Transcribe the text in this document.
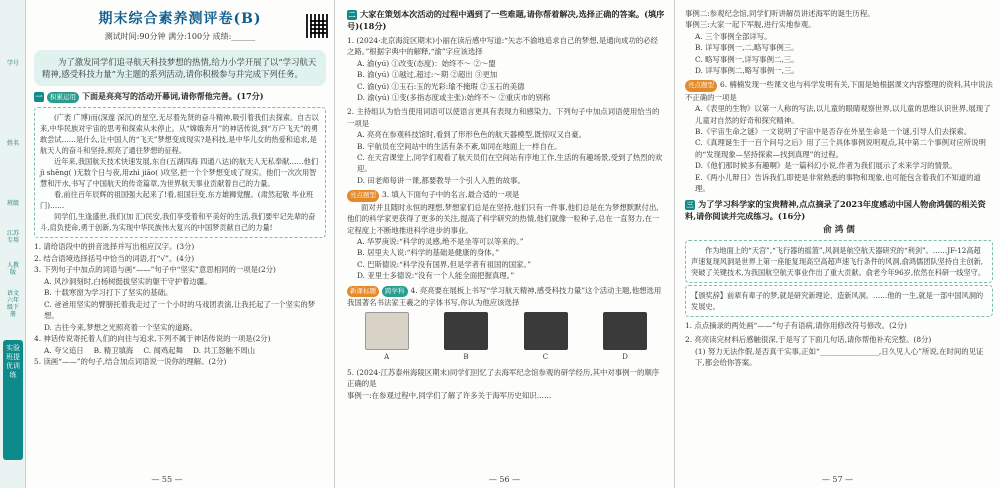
学号
姓名
班级
江苏专用
人教版
语文六年级下册
实验班提优训练
期末综合素养测评卷(B)
测试时间:90分钟 满分:100分 成绩:______
为了激发同学们追寻航天科技梦想的热情,给力小学开展了以“学习航天精神,感受科技力量”为主题的系列活动,请你积极参与并完成下列任务。
一 积累运用 下面是亮亮写的活动开幕词,请你帮他完善。(17分)
(广袤 广博)而(深邃 深沉)的星空,无尽着先贤的奋斗精神,吸引着我们去探索。自古以来,中华民族对宇宙的思考和探索从未停止。从“嫦娥奔月”的神话传说,到“万户飞天”的勇敢尝试……是什么,让中国人的“飞天”梦想变成现实?是科技,是中华儿女的热爱和追求,是航天人的奋斗和坚持,照亮了通往梦想的征程。
近年来,我国航天技术快速发展,东自(五湖四海 四通八达)的航天人无私奉献……他们jì shēng( )无数个日与夜,用zhì jiāo( )攻坚,把一个个梦想变成了现实。他们一次次用智慧和汗水,书写了中国航天的传奇篇章,为世界航天事业贡献着自己的力量。
看,前往百年辰辉的祖国强大起来了!看,祖国巨变,东方雄狮觉醒。(肃然起敬 毕业班门)……
同学们,生逢盛世,我们(加 汇)民安,我们享受着和平美好的生活,我们要牢记先辈的奋斗,肩负使命,勇于创新,为实现中华民族伟大复兴的中国梦贡献自己的力量!
1. 请给语段中的拼音选择并写出相应汉字。(3分)
2. 结合语境选择括号中恰当的词语,打“√”。(4分)
3. 下列句子中加点的词语与画“——”句子中“坚实”意思相同的一项是(2分)
A. 风沙洞刻时,白杨树挺拔坚实的躯干守护着边疆。
B. 十载寒窗为学习打下了坚实的基础。
C. 爸爸用坚实的臂膀托着我走过了一个小时的马戏团表演,让我托起了一个坚实的梦想。
D. 古往今来,梦想之光照亮着一个坚实的道路。
4. 神话传说寄托着人们的向往与追求,下列不属于神话传说的一项是(2分)
A. 夸父追日 B. 精卫填海 C. 闻鸡起舞 D. 共工怒触不周山
5. 读画“——”的句子,结合加点词语说一说你的理解。(2分)
— 55 —
二 大家在策划本次活动的过程中遇到了一些难题,请你帮着解决,选择正确的答案。(填序号)(18分)
1. (2024·北京海淀区期末)小丽在读后感中写道:“矢志不渝地追求自己的梦想,是通向成功的必经之路。”根据字典中的解释,“渝”字应该选择
A. 渝(yú) ①改变(态度)：始终不～ ②～盟
B. 渝(yú) ①越过,超过:～期 ②超出 ③更加
C. 渝(yú) ①玉石:玉的光彩:瑜不掩瑕 ②玉石的美德
D. 渝(yú) ①变(多指态度或主张):始终不～ ②重庆市的别称
2. 主持组认为恰当使用词语可以使语言更具有表现力和感染力。下列句子中加点词语使用恰当的一项是
A. 亮亮在参观科技馆时,看到了形形色色的航天器模型,既惊叹又自豪。
B. 宇航员在空间站中的生活有条不紊,如同在地面上一样自在。
C. 在天宫课堂上,同学们观看了航天员们在空间站有序地工作,生活的有趣场景,受到了热烈的欢迎。
D. 田老师每讲一课,都要教导一个引人入胜的故事。
亮点题型 3. 填入下面句子中的名言,最合适的一项是
面对并且随时永恒的理想,梦想家们总是在坚持,他们只有一件事,他们总是在为梦想默默付出,他们的科学家更获得了更多的关注,提高了科学研究的热情,他们就像一粒种子,总在一直努力,在一定程度上不断地推进科学进步的事业。
A. 华罗庚说:“科学的灵感,绝不是坐等可以等来的。”
B. 居里夫人说:“科学的基础是健康的身体。”
C. 巴斯德说:“科学没有国界,但是学者有祖国的国家。”
D. 亚里士多德说:“没有一个人能全面把握真理。”
新课标题 跨学科 4. 亮亮要在展板上书写“学习航天精神,感受科技力量”这个活动主题,他想选用我国著名书法家王羲之的字体书写,你认为他应该选择
A	B	C	D
5. (2024·江苏泰州海陵区期末)同学们回忆了去海军纪念馆参观的研学经历,其中对事例一的顺序正确的是
事例一:在参观过程中,同学们了解了许多关于海军历史知识……
— 56 —
事例二:参观纪念馆,同学们听讲解员讲述海军的诞生历程。
事例三:大家一起下军舰,进行实地参观。
A. 三个事例全部详写。
B. 详写事例一,二,略写事例三。
C. 略写事例一,详写事例二,三。
D. 详写事例二,略写事例一,三。
亮点题型 6. 楠楠发现一些课文也与科学发明有关,下面是她根据课文内容整理的资料,其中说法不正确的一项是
A.《表里的生物》以第一人称的写法,以儿童的眼睛观察世界,以儿童的思维认识世界,展现了儿童对自然的好奇和探究精神。
B.《宇宙生命之谜》一文说明了宇宙中是否存在外星生命是一个谜,引导人们去探索。
C.《真理诞生于一百个问号之后》用了三个具体事例说明观点,其中第二个事例对应所说明的“发现现象—坚持探索—找到真理”的过程。
D.《他们那时候多有趣啊》是一篇科幻小说,作者为我们展示了未来学习的情景。
E.《两小儿辩日》告诉我们,即使是非常熟悉的事物和现象,也可能包含着我们不知道的道理。
三 为了学习科学家的宝贵精神,点点摘录了2023年度感动中国人物俞鸿儒的相关资料,请你阅读并完成练习。(16分)
俞 鸿 儒
作为地面上的“天宫”,“飞行器的摇篮”,风洞是航空航天器研究的“利剑”。……JF-12高超声速复现风洞是世界上第一座能复现高空高超声速飞行条件的风洞,俞鸿儒团队坚持自主创新,突破了关键技术,为我国航空航天事业作出了重大贡献。俞老今年96岁,依然在科研一线坚守。
【颁奖辞】前辈有辈子的梦,就是研究新理论、造新风洞。……他的一生,就是一部中国风洞的发展史。
1. 点点摘录的两处画“——”句子有语病,请你用修改符号修改。(2分)
2. 亮亮读完材料后感触很深,于是写了下面几句话,请你帮他补充完整。(8分)
(1) 努力无法作假,是否真干实事,正如“________________,日久见人心”所说,在时间的见证下,都会给你答案。
— 57 —
